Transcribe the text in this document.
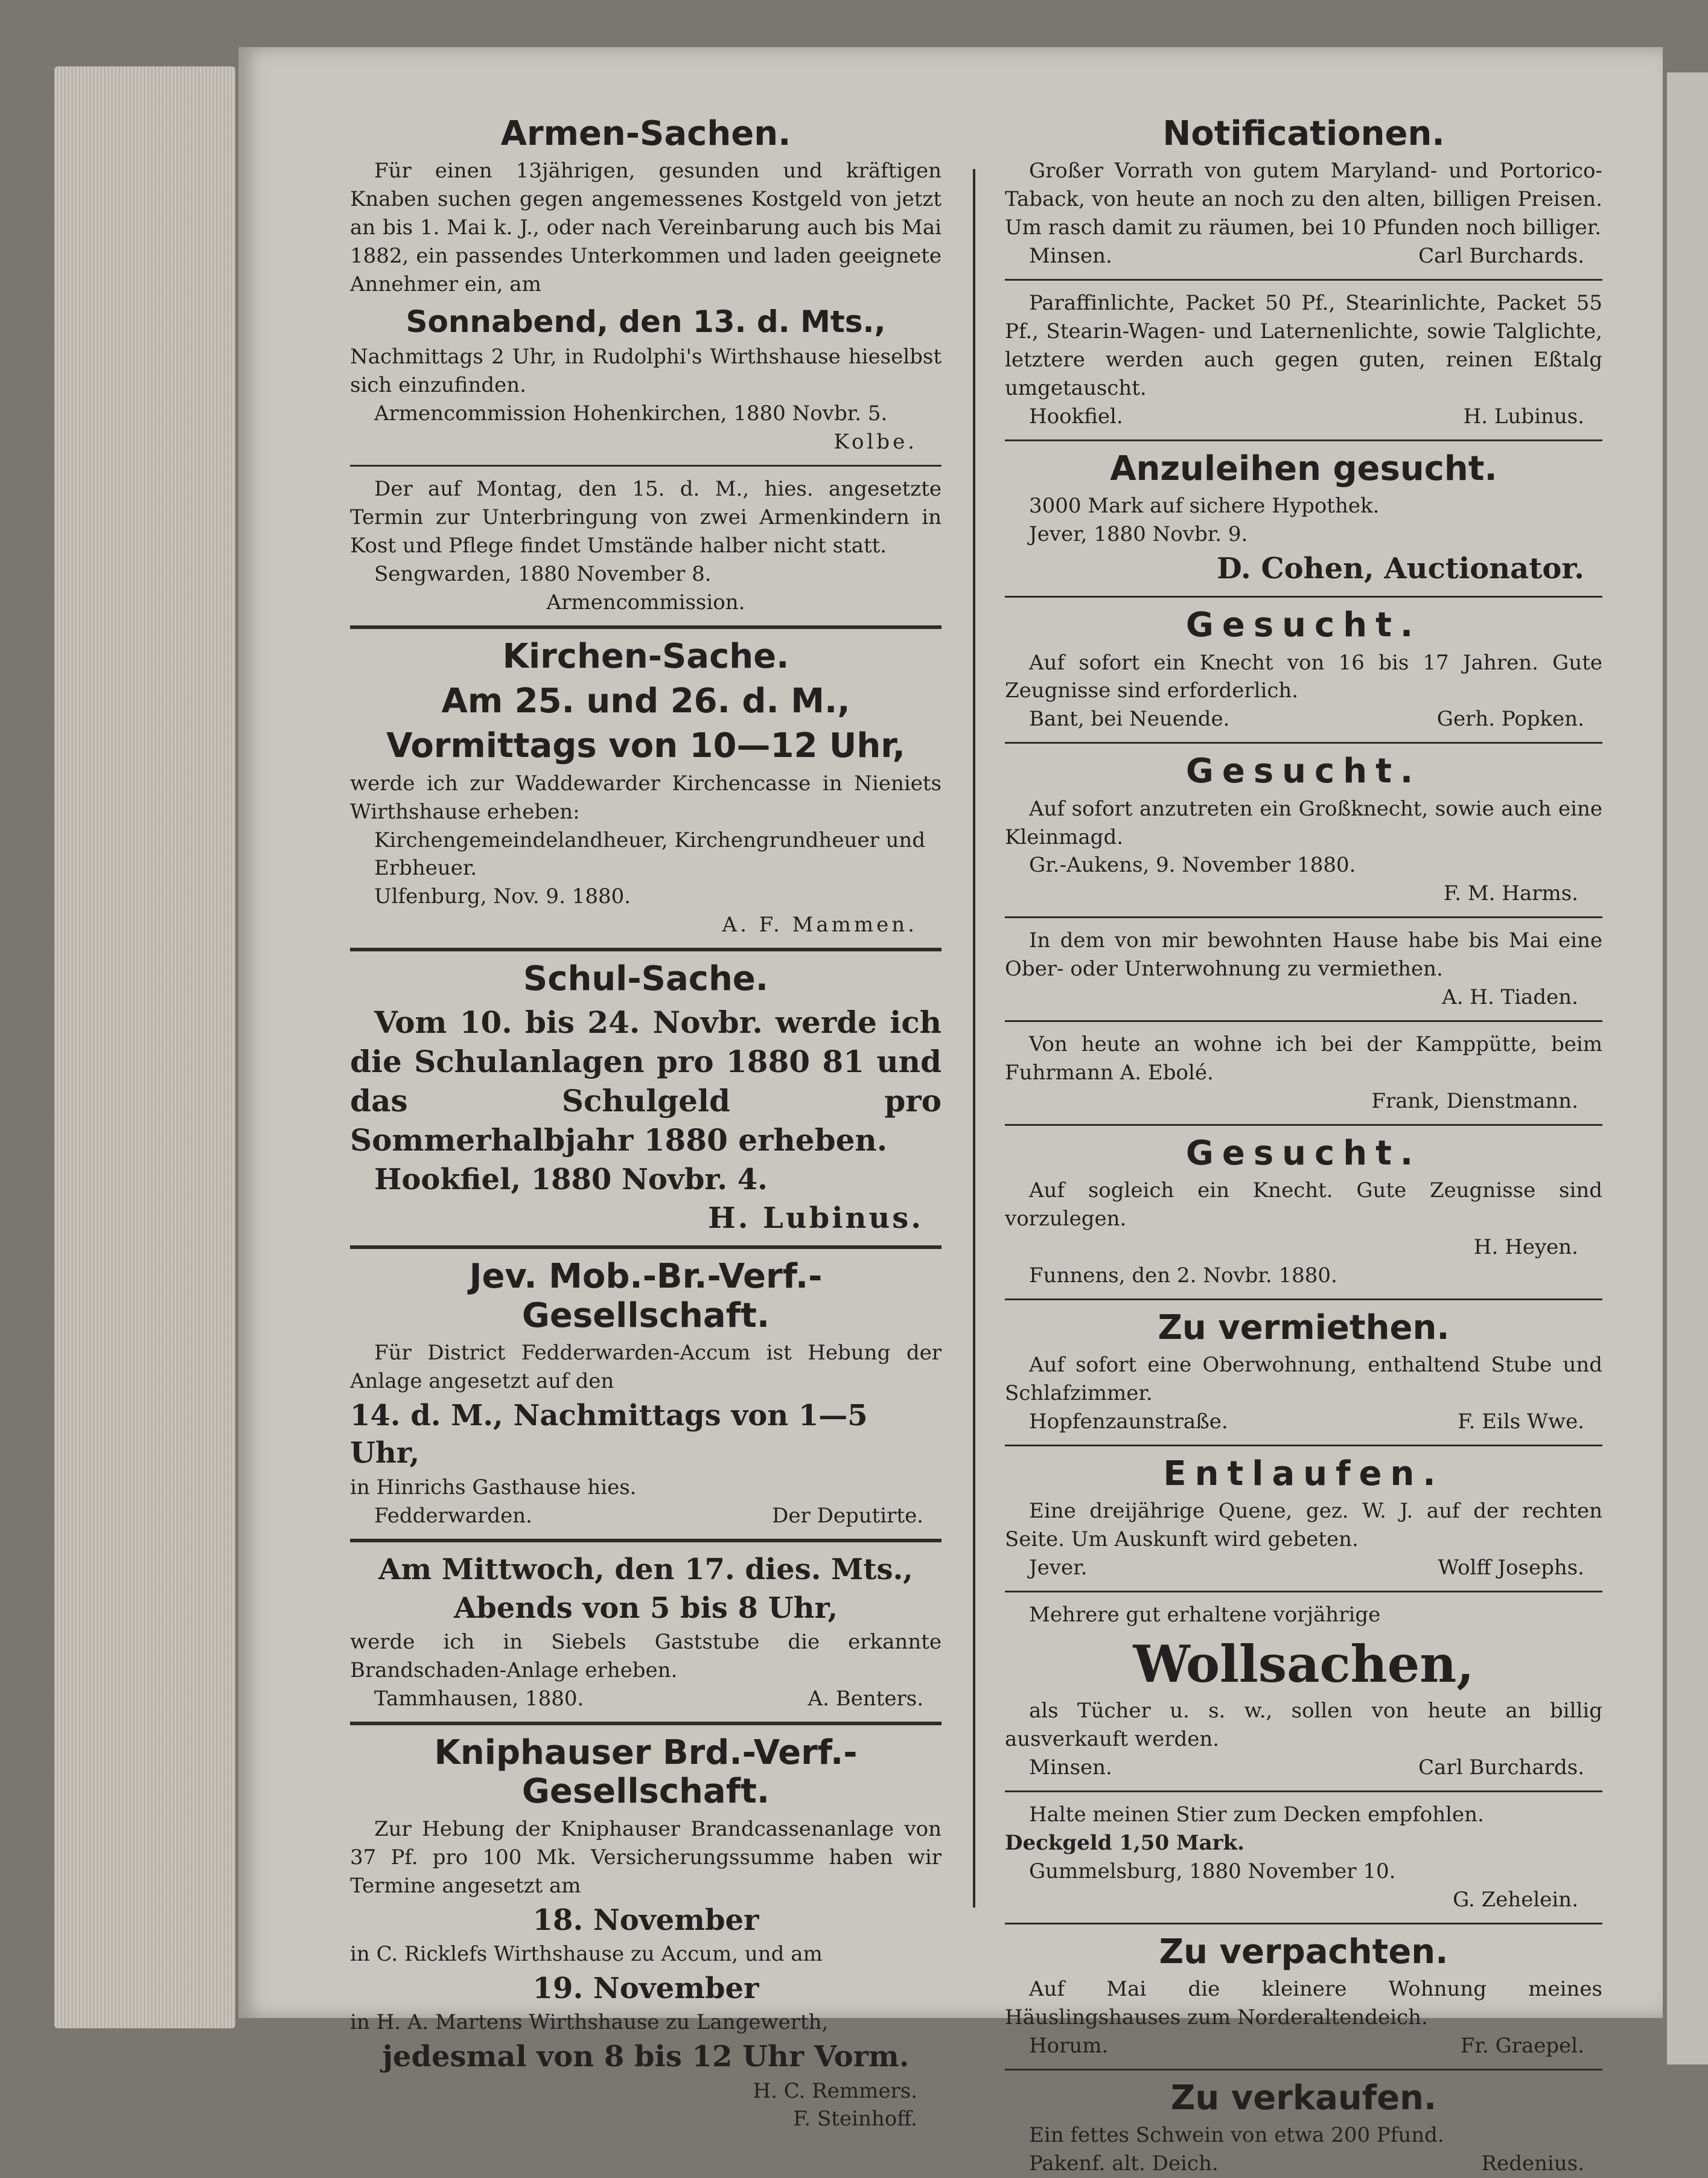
Armen-Sachen.

Für einen 13jährigen, gesunden und kräftigen Knaben suchen gegen angemessenes Kostgeld von jetzt an bis 1. Mai k. J., oder nach Vereinbarung auch bis Mai 1882, ein passendes Unterkommen und laden geeignete Annehmer ein, am

Sonnabend, den 13. d. Mts.,

Nachmittags 2 Uhr, in Rudolphi's Wirthshause hieselbst sich einzufinden.

Armencommission Hohenkirchen, 1880 Novbr. 5.

Kolbe.

Der auf Montag, den 15. d. M., hies. angesetzte Termin zur Unterbringung von zwei Armenkindern in Kost und Pflege findet Umstände halber nicht statt.

Sengwarden, 1880 November 8.

Armencommission.

Kirchen-Sache.
Am 25. und 26. d. M.,
Vormittags von 10—12 Uhr,

werde ich zur Waddewarder Kirchencasse in Nieniets Wirthshause erheben:

Kirchengemeindelandheuer, Kirchengrundheuer und Erbheuer.

Ulfenburg, Nov. 9. 1880.

A. F. Mammen.

Schul-Sache.

Vom 10. bis 24. Novbr. werde ich die Schulanlagen pro 1880 81 und das Schulgeld pro Sommerhalbjahr 1880 erheben.

Hookfiel, 1880 Novbr. 4.

H. Lubinus.

Jev. Mob.-Br.-Verf.-Gesellschaft.

Für District Fedderwarden-Accum ist Hebung der Anlage angesetzt auf den

14. d. M., Nachmittags von 1—5 Uhr,

in Hinrichs Gasthause hies.

Fedderwarden.	Der Deputirte.

Am Mittwoch, den 17. dies. Mts.,

Abends von 5 bis 8 Uhr,

werde ich in Siebels Gaststube die erkannte Brandschaden-Anlage erheben.

Tammhausen, 1880.	A. Benters.
Kniphauser Brd.-Verf.-Gesellschaft.

Zur Hebung der Kniphauser Brandcassenanlage von 37 Pf. pro 100 Mk. Versicherungssumme haben wir Termine angesetzt am

18. November

in C. Ricklefs Wirthshause zu Accum, und am

19. November

in H. A. Martens Wirthshause zu Langewerth,

jedesmal von 8 bis 12 Uhr Vorm.

H. C. Remmers.

F. Steinhoff.

Notificationen.

Großer Vorrath von gutem Maryland- und Portorico-Taback, von heute an noch zu den alten, billigen Preisen. Um rasch damit zu räumen, bei 10 Pfunden noch billiger.

Minsen.	Carl Burchards.

Paraffinlichte, Packet 50 Pf., Stearinlichte, Packet 55 Pf., Stearin-Wagen- und Laternenlichte, sowie Talglichte, letztere werden auch gegen guten, reinen Eßtalg umgetauscht.

Hookfiel.	H. Lubinus.
Anzuleihen gesucht.

3000 Mark auf sichere Hypothek.

Jever, 1880 Novbr. 9.

D. Cohen, Auctionator.

Gesucht.

Auf sofort ein Knecht von 16 bis 17 Jahren. Gute Zeugnisse sind erforderlich.

Bant, bei Neuende.	Gerh. Popken.
Gesucht.

Auf sofort anzutreten ein Großknecht, sowie auch eine Kleinmagd.

Gr.-Aukens, 9. November 1880.

F. M. Harms.

In dem von mir bewohnten Hause habe bis Mai eine Ober- oder Unterwohnung zu vermiethen.

A. H. Tiaden.

Von heute an wohne ich bei der Kamppütte, beim Fuhrmann A. Ebolé.

Frank, Dienstmann.

Gesucht.

Auf sogleich ein Knecht. Gute Zeugnisse sind vorzulegen.

H. Heyen.

Funnens, den 2. Novbr. 1880.

Zu vermiethen.

Auf sofort eine Oberwohnung, enthaltend Stube und Schlafzimmer.

Hopfenzaunstraße.	F. Eils Wwe.
Entlaufen.

Eine dreijährige Quene, gez. W. J. auf der rechten Seite. Um Auskunft wird gebeten.

Jever.	Wolff Josephs.

Mehrere gut erhaltene vorjährige

Wollsachen,

als Tücher u. s. w., sollen von heute an billig ausverkauft werden.

Minsen.	Carl Burchards.

Halte meinen Stier zum Decken empfohlen.

Deckgeld 1,50 Mark.

Gummelsburg, 1880 November 10.

G. Zehelein.

Zu verpachten.

Auf Mai die kleinere Wohnung meines Häuslingshauses zum Norderaltendeich.

Horum.	Fr. Graepel.
Zu verkaufen.

Ein fettes Schwein von etwa 200 Pfund.

Pakenf. alt. Deich.	Redenius.
